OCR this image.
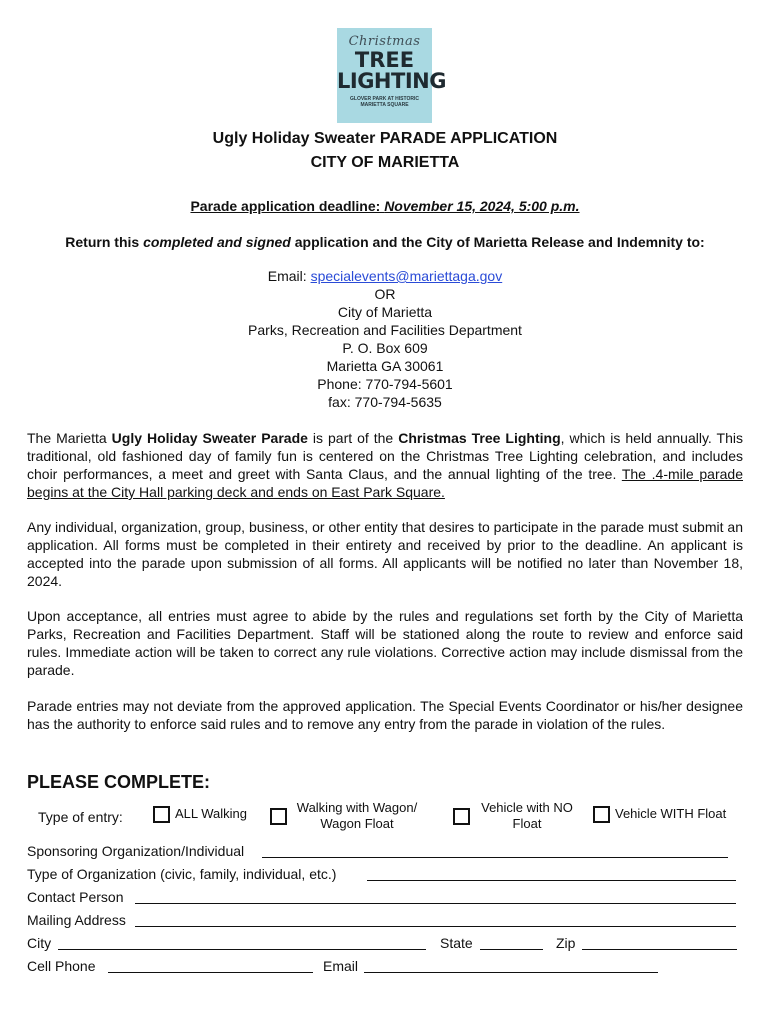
Christmas
TREE
LIGHTING
GLOVER PARK AT HISTORIC MARIETTA SQUARE
Ugly Holiday Sweater PARADE APPLICATION
CITY OF MARIETTA
Parade application deadline: November 15, 2024, 5:00 p.m.
Return this completed and signed application and the City of Marietta Release and Indemnity to:
Email: specialevents@mariettaga.gov
OR
City of Marietta
Parks, Recreation and Facilities Department
P. O. Box 609
Marietta GA 30061
Phone: 770-794-5601
fax: 770-794-5635
The Marietta Ugly Holiday Sweater Parade is part of the Christmas Tree Lighting, which is held annually. This traditional, old fashioned day of family fun is centered on the Christmas Tree Lighting celebration, and includes choir performances, a meet and greet with Santa Claus, and the annual lighting of the tree. The .4-mile parade begins at the City Hall parking deck and ends on East Park Square.
Any individual, organization, group, business, or other entity that desires to participate in the parade must submit an application. All forms must be completed in their entirety and received by prior to the deadline. An applicant is accepted into the parade upon submission of all forms. All applicants will be notified no later than November 18, 2024.
Upon acceptance, all entries must agree to abide by the rules and regulations set forth by the City of Marietta Parks, Recreation and Facilities Department. Staff will be stationed along the route to review and enforce said rules. Immediate action will be taken to correct any rule violations. Corrective action may include dismissal from the parade.
Parade entries may not deviate from the approved application. The Special Events Coordinator or his/her designee has the authority to enforce said rules and to remove any entry from the parade in violation of the rules.
PLEASE COMPLETE:
Type of entry:	ALL Walking	Walking with Wagon/
Wagon Float
Vehicle with NO
Float
Vehicle WITH Float
Sponsoring Organization/Individual
Type of Organization (civic, family, individual, etc.)
Contact Person
Mailing Address
City	State	Zip
Cell Phone	Email
